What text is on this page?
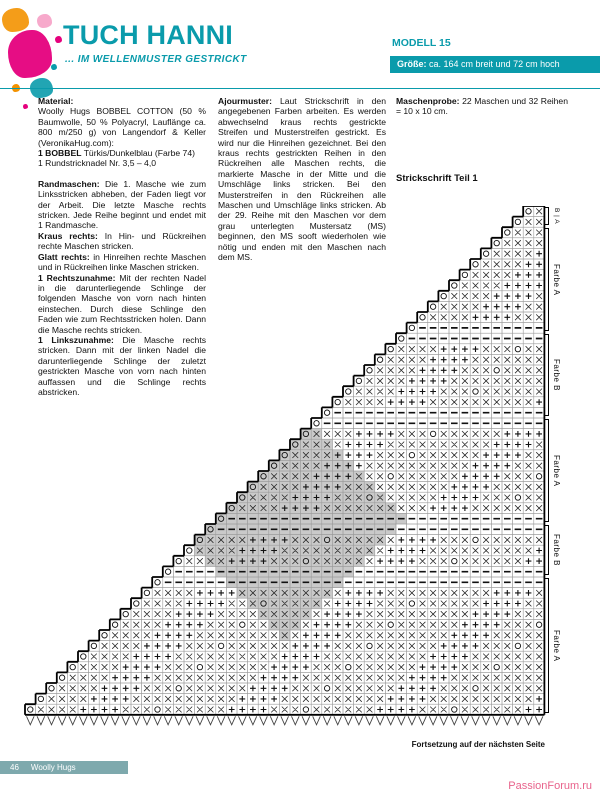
TUCH HANNI
... IM WELLENMUSTER GESTRICKT
MODELL 15
Größe: ca. 164 cm breit und 72 cm hoch

Material:

Woolly Hugs BOBBEL COTTON (50 % Baumwolle, 50 % Polyacryl, Lauflänge ca. 800 m/250 g) von Langendorf & Keller (VeronikaHug.com):

1 BOBBEL Türkis/Dunkelblau (Farbe 74)

1 Rundstricknadel Nr. 3,5 – 4,0

Randmaschen: Die 1. Masche wie zum Linksstricken abheben, der Faden liegt vor der Arbeit. Die letzte Masche rechts stricken. Jede Reihe beginnt und endet mit 1 Randmasche.

Kraus rechts: In Hin- und Rückreihen rechte Maschen stricken.

Glatt rechts: in Hinreihen rechte Maschen und in Rückreihen linke Maschen stricken.

1 Rechtszunahme: Mit der rechten Nadel in die darunterliegende Schlinge der folgenden Masche von vorn nach hinten einstechen. Durch diese Schlinge den Faden wie zum Rechtsstricken holen. Dann die Masche rechts stricken.

1 Linkszunahme: Die Masche rechts stricken. Dann mit der linken Nadel die darunterliegende Schlinge der zuletzt gestrickten Masche von vorn nach hinten auffassen und die Schlinge rechts abstricken.

Ajourmuster: Laut Strickschrift in den angegebenen Farben arbeiten. Es werden abwechselnd kraus rechts gestrickte Streifen und Musterstreifen gestrickt. Es wird nur die Hinreihen gezeichnet. Bei den kraus rechts gestrickten Reihen in den Rückreihen alle Maschen rechts, die markierte Masche in der Mitte und die Umschläge links stricken. Bei den Musterstreifen in den Rückreihen alle Maschen und Umschläge links stricken. Ab der 29. Reihe mit den Maschen vor dem grau unterlegten Mustersatz (MS) beginnen, den MS sooft wiederholen wie nötig und enden mit den Maschen nach dem MS.

Maschenprobe: 22 Maschen und 32 Reihen = 10 x 10 cm.

Strickschrift Teil 1

B | A
Farbe A
Farbe B
Farbe A
Farbe B
Farbe A
Fortsetzung auf der nächsten Seite
46 Woolly Hugs
PassionForum.ru
